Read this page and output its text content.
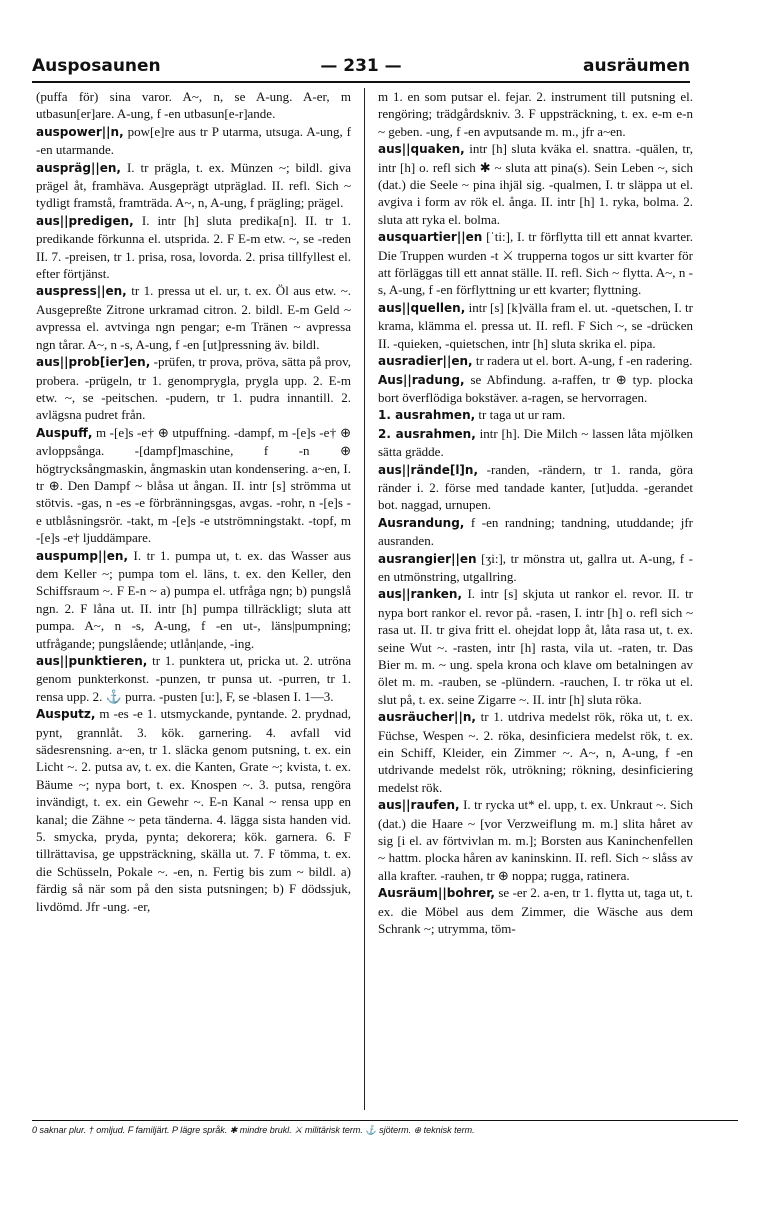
Ausposaunen	— 231 —	ausräumen

(puffa för) sina varor. A~, n, se A-ung. A-er, m utbasun[er]are. A-ung, f -en utbasun[e-r]ande.

auspower||n, pow[e]re aus tr P utarma, utsuga. A-ung, f -en utarmande.

auspräg||en, I. tr prägla, t. ex. Münzen ~; bildl. giva prägel åt, framhäva. Ausgeprägt utpräglad. II. refl. Sich ~ tydligt framstå, framträda. A~, n, A-ung, f prägling; prägel.

aus||predigen, I. intr [h] sluta predika[n]. II. tr 1. predikande förkunna el. utsprida. 2. F E-m etw. ~, se -reden II. 7. -preisen, tr 1. prisa, rosa, lovorda. 2. prisa tillfyllest el. efter förtjänst.

auspress||en, tr 1. pressa ut el. ur, t. ex. Öl aus etw. ~. Ausgepreßte Zitrone urkramad citron. 2. bildl. E-m Geld ~ avpressa el. avtvinga ngn pengar; e-m Tränen ~ avpressa ngn tårar. A~, n -s, A-ung, f -en [ut]pressning äv. bildl.

aus||prob[ier]en, -prüfen, tr prova, pröva, sätta på prov, probera. -prügeln, tr 1. genomprygla, prygla upp. 2. E-m etw. ~, se -peitschen. -pudern, tr 1. pudra innantill. 2. avlägsna pudret från.

Auspuff, m -[e]s -e† ⊕ utpuffning. -dampf, m -[e]s -e† ⊕ avloppsånga. -[dampf]maschine, f -n ⊕ högtrycksångmaskin, ångmaskin utan kondensering. a~en, I. tr ⊕. Den Dampf ~ blåsa ut ångan. II. intr [s] strömma ut stötvis. -gas, n -es -e förbränningsgas, avgas. -rohr, n -[e]s -e utblåsningsrör. -takt, m -[e]s -e utströmningstakt. -topf, m -[e]s -e† ljuddämpare.

auspump||en, I. tr 1. pumpa ut, t. ex. das Wasser aus dem Keller ~; pumpa tom el. läns, t. ex. den Keller, den Schiffsraum ~. F E-n ~ a) pumpa el. utfråga ngn; b) pungslå ngn. 2. F låna ut. II. intr [h] pumpa tillräckligt; sluta att pumpa. A~, n -s, A-ung, f -en ut-, läns|pumpning; utfrågande; pungslående; utlån|ande, -ing.

aus||punktieren, tr 1. punktera ut, pricka ut. 2. utröna genom punkterkonst. -punzen, tr punsa ut. -purren, tr 1. rensa upp. 2. ⚓ purra. -pusten [u:], F, se -blasen I. 1—3.

Ausputz, m -es -e 1. utsmyckande, pyntande. 2. prydnad, pynt, grannlåt. 3. kök. garnering. 4. avfall vid sädesrensning. a~en, tr 1. släcka genom putsning, t. ex. ein Licht ~. 2. putsa av, t. ex. die Kanten, Grate ~; kvista, t. ex. Bäume ~; nypa bort, t. ex. Knospen ~. 3. putsa, rengöra invändigt, t. ex. ein Gewehr ~. E-n Kanal ~ rensa upp en kanal; die Zähne ~ peta tänderna. 4. lägga sista handen vid. 5. smycka, pryda, pynta; dekorera; kök. garnera. 6. F tillrättavisa, ge uppsträckning, skälla ut. 7. F tömma, t. ex. die Schüsseln, Pokale ~. -en, n. Fertig bis zum ~ bildl. a) färdig så när som på den sista putsningen; b) F dödssjuk, livdömd. Jfr -ung. -er,

m 1. en som putsar el. fejar. 2. instrument till putsning el. rengöring; trädgårdskniv. 3. F uppsträckning, t. ex. e-m e-n ~ geben. -ung, f -en avputsande m. m., jfr a~en.

aus||quaken, intr [h] sluta kväka el. snattra. -quälen, tr, intr [h] o. refl sich ✱ ~ sluta att pina(s). Sein Leben ~, sich (dat.) die Seele ~ pina ihjäl sig. -qualmen, I. tr släppa ut el. avgiva i form av rök el. ånga. II. intr [h] 1. ryka, bolma. 2. sluta att ryka el. bolma.

ausquartier||en [ˈti:], I. tr förflytta till ett annat kvarter. Die Truppen wurden -t ⚔ trupperna togos ur sitt kvarter för att förläggas till ett annat ställe. II. refl. Sich ~ flytta. A~, n -s, A-ung, f -en förflyttning ur ett kvarter; flyttning.

aus||quellen, intr [s] [k]välla fram el. ut. -quetschen, I. tr krama, klämma el. pressa ut. II. refl. F Sich ~, se -drücken II. -quieken, -quietschen, intr [h] sluta skrika el. pipa.

ausradier||en, tr radera ut el. bort. A-ung, f -en radering.

Aus||radung, se Abfindung. a-raffen, tr ⊕ typ. plocka bort överflödiga bokstäver. a-ragen, se hervorragen.

1. ausrahmen, tr taga ut ur ram.

2. ausrahmen, intr [h]. Die Milch ~ lassen låta mjölken sätta grädde.

aus||rände[l]n, -randen, -rändern, tr 1. randa, göra ränder i. 2. förse med tandade kanter, [ut]udda. -gerandet bot. naggad, urnupen.

Ausrandung, f -en randning; tandning, utuddande; jfr ausranden.

ausrangier||en [ʒi:], tr mönstra ut, gallra ut. A-ung, f -en utmönstring, utgallring.

aus||ranken, I. intr [s] skjuta ut rankor el. revor. II. tr nypa bort rankor el. revor på. -rasen, I. intr [h] o. refl sich ~ rasa ut. II. tr giva fritt el. ohejdat lopp åt, låta rasa ut, t. ex. seine Wut ~. -rasten, intr [h] rasta, vila ut. -raten, tr. Das Bier m. m. ~ ung. spela krona och klave om betalningen av ölet m. m. -rauben, se -plündern. -rauchen, I. tr röka ut el. slut på, t. ex. seine Zigarre ~. II. intr [h] sluta röka.

ausräucher||n, tr 1. utdriva medelst rök, röka ut, t. ex. Füchse, Wespen ~. 2. röka, desinficiera medelst rök, t. ex. ein Schiff, Kleider, ein Zimmer ~. A~, n, A-ung, f -en utdrivande medelst rök, utrökning; rökning, desinficiering medelst rök.

aus||raufen, I. tr rycka ut* el. upp, t. ex. Unkraut ~. Sich (dat.) die Haare ~ [vor Verzweiflung m. m.] slita håret av sig [i el. av förtvivlan m. m.]; Borsten aus Kaninchenfellen ~ hattm. plocka håren av kaninskinn. II. refl. Sich ~ slåss av alla krafter. -rauhen, tr ⊕ noppa; rugga, ratinera.

Ausräum||bohrer, se -er 2. a-en, tr 1. flytta ut, taga ut, t. ex. die Möbel aus dem Zimmer, die Wäsche aus dem Schrank ~; utrymma, töm-

0 saknar plur. † omljud. F familjärt. P lägre språk. ✱ mindre brukl. ⚔ militärisk term. ⚓ sjöterm. ⊕ teknisk term.
